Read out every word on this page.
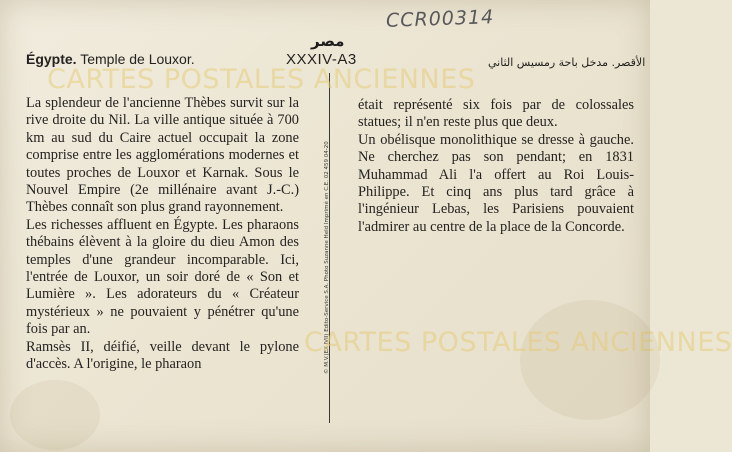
CCR00314
مصر
الأقصر. مدخل باحة رمسيس الثاني
Égypte. Temple de Louxor.	XXXIV-A3

La splendeur de l'ancienne Thèbes survit sur la rive droite du Nil. La ville antique située à 700 km au sud du Caire actuel occupait la zone comprise entre les agglomérations modernes et toutes proches de Louxor et Karnak. Sous le Nouvel Empire (2e millénaire avant J.-C.) Thèbes connaît son plus grand rayonnement.

Les richesses affluent en Égypte. Les pharaons thébains élèvent à la gloire du dieu Amon des temples d'une grandeur incomparable. Ici, l'entrée de Louxor, un soir doré de « Son et Lumière ». Les adorateurs du « Créateur mystérieux » ne pouvaient y pénétrer qu'une fois par an.

Ramsès II, déifié, veille devant le pylone d'accès. A l'origine, le pharaon	© M.V.(EX IVII) Edito-Service S.A. Photo Suzanne Held Imprimé en C.E. 02 459 04-20

était représenté six fois par de colossales statues; il n'en reste plus que deux.

Un obélisque monolithique se dresse à gauche. Ne cherchez pas son pendant; en 1831 Muhammad Ali l'a offert au Roi Louis-Philippe. Et cinq ans plus tard grâce à l'ingénieur Lebas, les Parisiens pouvaient l'admirer au centre de la place de la Concorde.

CARTES POSTALES ANCIENNES
CARTES POSTALES ANCIENNES
